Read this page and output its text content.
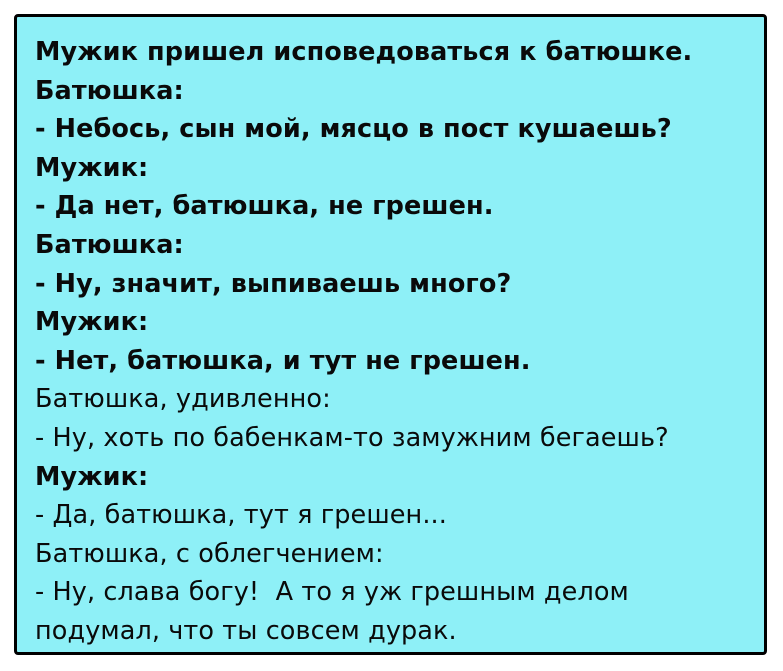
Мужик пришел исповедоваться к батюшке.
Батюшка:
- Небось, сын мой, мясцо в пост кушаешь?
Мужик:
- Да нет, батюшка, не грешен.
Батюшка:
- Ну, значит, выпиваешь много?
Мужик:
- Нет, батюшка, и тут не грешен.
Батюшка, удивленно:
- Ну, хоть по бабенкам-то замужним бегаешь?
Мужик:
- Да, батюшка, тут я грешен...
Батюшка, с облегчением:
- Ну, слава богу!  А то я уж грешным делом
подумал, что ты совсем дурак.
